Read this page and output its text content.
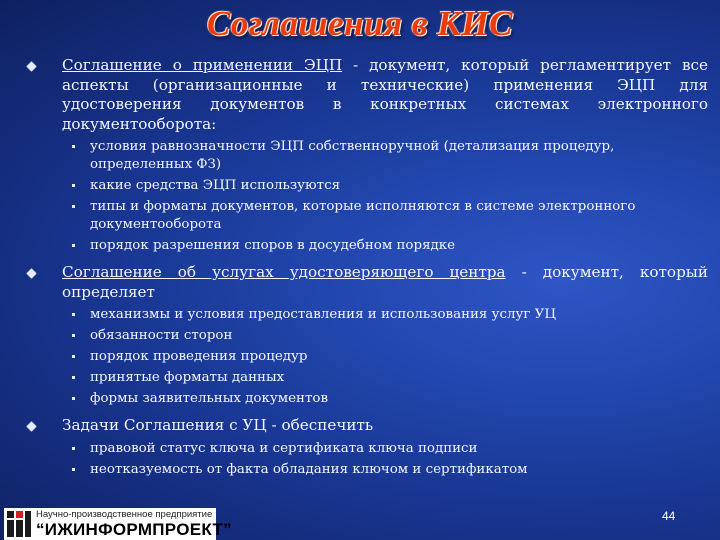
Соглашения в КИС
Соглашение о применении ЭЦП - документ, который регламентирует все аспекты (организационные и технические) применения ЭЦП для удостоверения документов в конкретных системах электронного документооборота:
условия равнозначности ЭЦП собственноручной (детализация процедур, определенных ФЗ)
какие средства ЭЦП используются
типы и форматы документов, которые исполняются в системе электронного документооборота
порядок разрешения споров в досудебном порядке
Соглашение об услугах удостоверяющего центра - документ, который определяет
механизмы и условия предоставления и использования услуг УЦ
обязанности сторон
порядок проведения процедур
принятые форматы данных
формы заявительных документов
Задачи Соглашения с УЦ - обеспечить
правовой статус ключа и сертификата ключа подписи
неотказуемость от факта обладания ключом и сертификатом
Научно-производственное предприятие
“ИЖИНФОРМПРОЕКТ”
44
